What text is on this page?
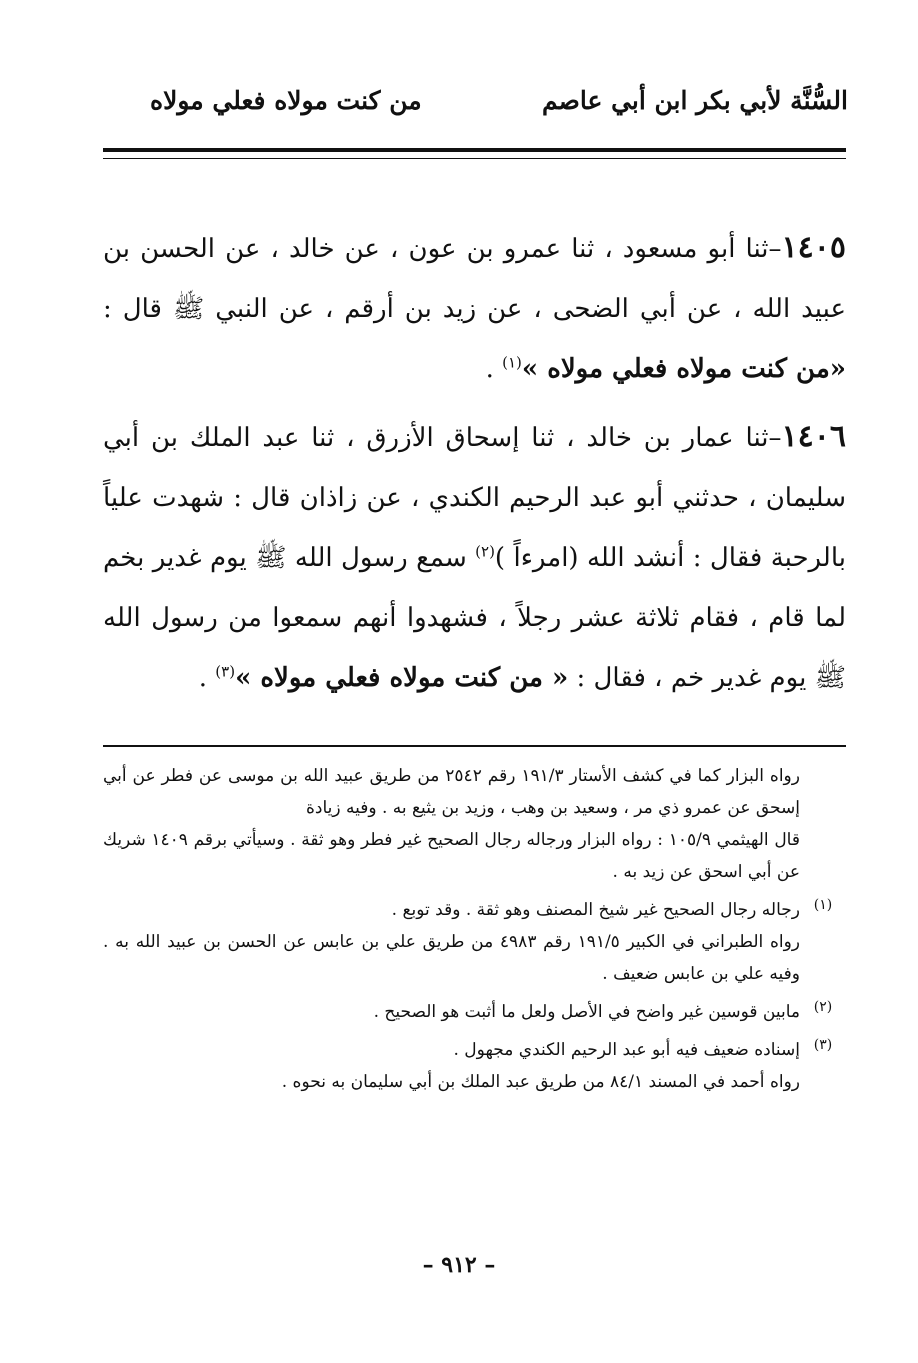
السُّنَّة لأبي بكر ابن أبي عاصم
من كنت مولاه فعلي مولاه

١٤٠٥–ثنا أبو مسعود ، ثنا عمرو بن عون ، عن خالد ، عن الحسن بن عبيد الله ، عن أبي الضحى ، عن زيد بن أرقم ، عن النبي ﷺ قال : «من كنت مولاه فعلي مولاه »$^{(١)}$ .

١٤٠٦–ثنا عمار بن خالد ، ثنا إسحاق الأزرق ، ثنا عبد الملك بن أبي سليمان ، حدثني أبو عبد الرحيم الكندي ، عن زاذان قال : شهدت علياً بالرحبة فقال : أنشد الله (امرءاً )$^{(٢)}$ سمع رسول الله ﷺ يوم غدير بخم لما قام ، فقام ثلاثة عشر رجلاً ، فشهدوا أنهم سمعوا من رسول الله ﷺ يوم غدير خم ، فقال : « من كنت مولاه فعلي مولاه »$^{(٣)}$ .

رواه البزار كما في كشف الأستار ١٩١/٣ رقم ٢٥٤٢ من طريق عبيد الله بن موسى عن فطر عن أبي إسحق عن عمرو ذي مر ، وسعيد بن وهب ، وزيد بن يثيع به . وفيه زيادة

قال الهيثمي ١٠٥/٩ : رواه البزار ورجاله رجال الصحيح غير فطر وهو ثقة . وسيأتي برقم ١٤٠٩ شريك عن أبي اسحق عن زيد به .

(١)

رجاله رجال الصحيح غير شيخ المصنف وهو ثقة . وقد توبع .

رواه الطبراني في الكبير ١٩١/٥ رقم ٤٩٨٣ من طريق علي بن عابس عن الحسن بن عبيد الله به . وفيه علي بن عابس ضعيف .

(٢)

مابين قوسين غير واضح في الأصل ولعل ما أثبت هو الصحيح .

(٣)

إسناده ضعيف فيه أبو عبد الرحيم الكندي مجهول .

رواه أحمد في المسند ٨٤/١ من طريق عبد الملك بن أبي سليمان به نحوه .

– ٩١٢ –
